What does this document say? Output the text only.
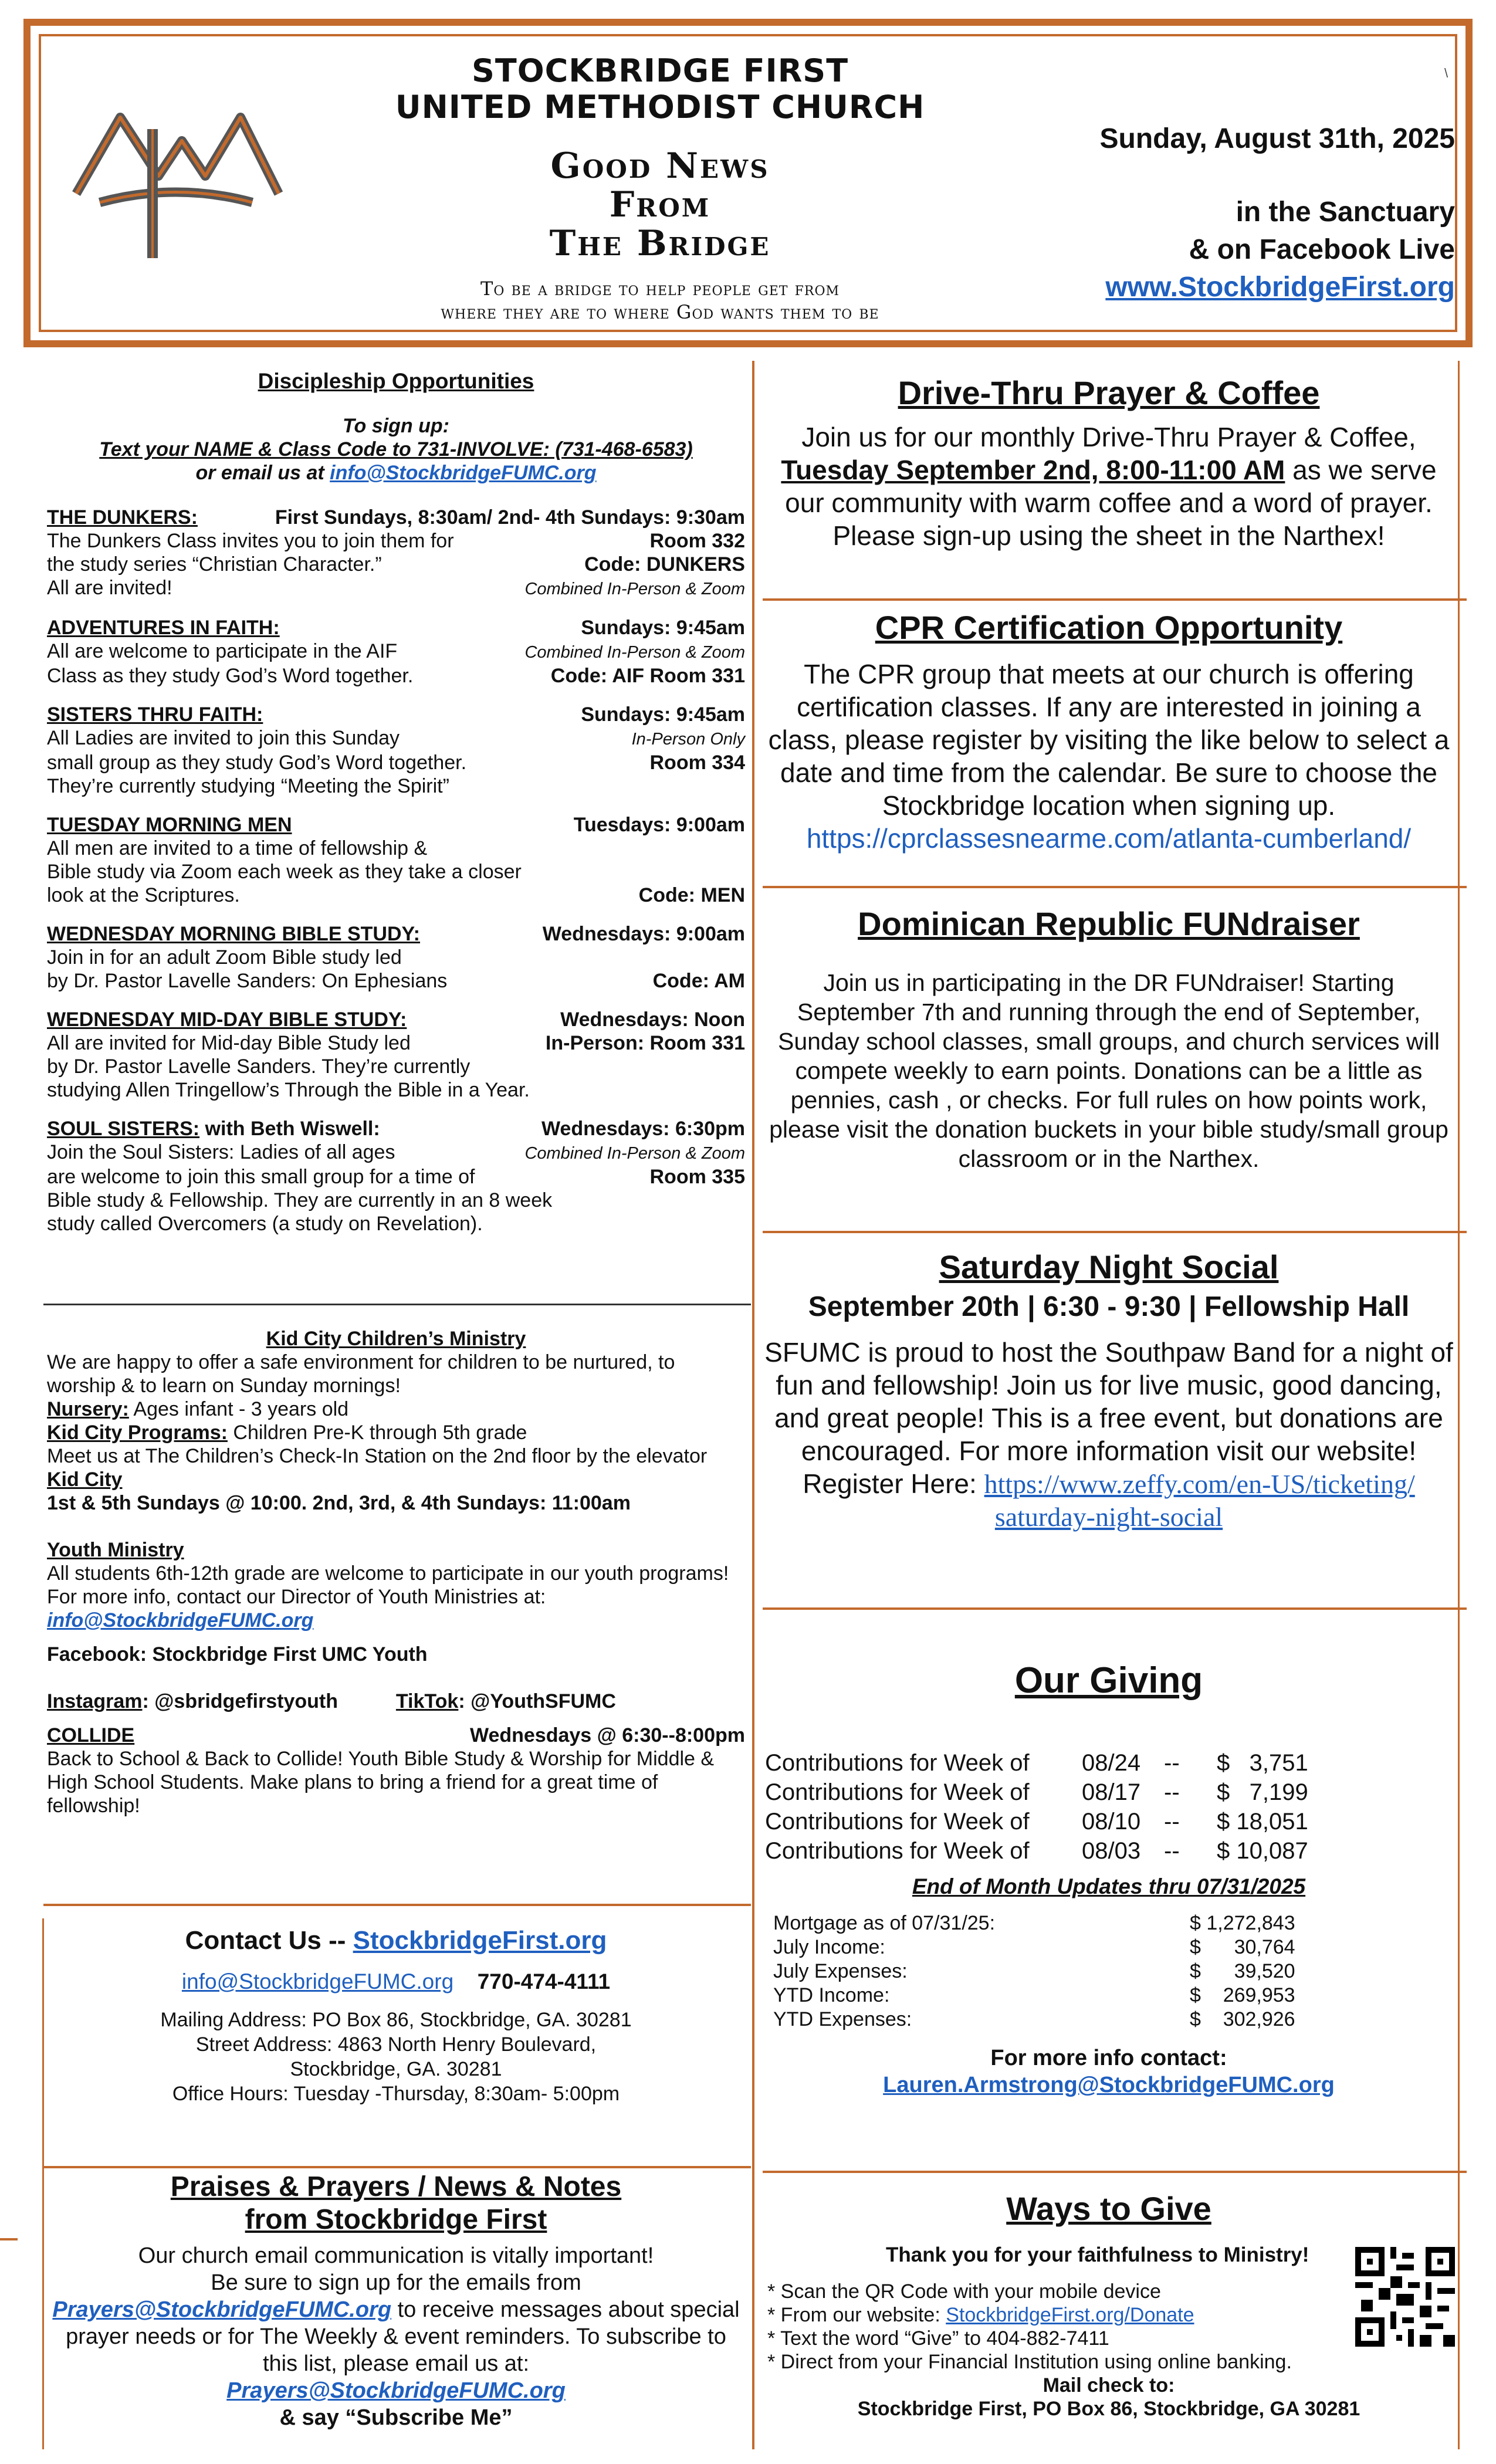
STOCKBRIDGE FIRST
UNITED METHODIST CHURCH
Good News
From
The Bridge
To be a bridge to help people get from
where they are to where God wants them to be
Sunday, August 31th, 2025
in the Sanctuary
& on Facebook Live
www.StockbridgeFirst.org
Discipleship Opportunities
To sign up:
Text your NAME & Class Code to 731-INVOLVE: (731-468-6583)
or email us at info@StockbridgeFUMC.org
THE DUNKERS:	First Sundays, 8:30am/ 2nd- 4th Sundays: 9:30am
The Dunkers Class invites you to join them for	Room 332
the study series “Christian Character.”	Code: DUNKERS
All are invited!	Combined In-Person & Zoom
ADVENTURES IN FAITH:	Sundays: 9:45am
All are welcome to participate in the AIF	Combined In-Person & Zoom
Class as they study God’s Word together.	Code: AIF Room 331
SISTERS THRU FAITH:	Sundays: 9:45am
All Ladies are invited to join this Sunday	In-Person Only
small group as they study God’s Word together.	Room 334
They’re currently studying “Meeting the Spirit”
TUESDAY MORNING MEN	Tuesdays: 9:00am
All men are invited to a time of fellowship &
Bible study via Zoom each week as they take a closer
look at the Scriptures.	Code: MEN
WEDNESDAY MORNING BIBLE STUDY:	Wednesdays: 9:00am
Join in for an adult Zoom Bible study led
by Dr. Pastor Lavelle Sanders: On Ephesians	Code: AM
WEDNESDAY MID-DAY BIBLE STUDY:	Wednesdays: Noon
All are invited for Mid-day Bible Study led	In-Person: Room 331
by Dr. Pastor Lavelle Sanders. They’re currently
studying Allen Tringellow’s Through the Bible in a Year.
SOUL SISTERS: with Beth Wiswell:	Wednesdays: 6:30pm
Join the Soul Sisters: Ladies of all ages	Combined In-Person & Zoom
are welcome to join this small group for a time of	Room 335
Bible study & Fellowship. They are currently in an 8 week
study called Overcomers (a study on Revelation).
Kid City Children’s Ministry
We are happy to offer a safe environment for children to be nurtured, to worship & to learn on Sunday mornings!
Nursery: Ages infant - 3 years old
Kid City Programs: Children Pre-K through 5th grade
Meet us at The Children’s Check-In Station on the 2nd floor by the elevator
Kid City
1st & 5th Sundays @ 10:00. 2nd, 3rd, & 4th Sundays: 11:00am
Youth Ministry
All students 6th-12th grade are welcome to participate in our youth programs!
For more info, contact our Director of Youth Ministries at:
info@StockbridgeFUMC.org
Facebook: Stockbridge First UMC Youth
Instagram: @sbridgefirstyouth	TikTok: @YouthSFUMC
COLLIDE	Wednesdays @ 6:30--8:00pm
Back to School & Back to Collide! Youth Bible Study & Worship for Middle & High School Students. Make plans to bring a friend for a great time of fellowship!
Contact Us -- StockbridgeFirst.org
info@StockbridgeFUMC.org 770-474-4111
Mailing Address: PO Box 86, Stockbridge, GA. 30281
Street Address: 4863 North Henry Boulevard,
Stockbridge, GA. 30281
Office Hours: Tuesday -Thursday, 8:30am- 5:00pm
Praises & Prayers / News & Notes
from Stockbridge First
Our church email communication is vitally important!
Be sure to sign up for the emails from
Prayers@StockbridgeFUMC.org to receive messages about special prayer needs or for The Weekly & event reminders. To subscribe to this list, please email us at:
Prayers@StockbridgeFUMC.org
& say “Subscribe Me”
Drive-Thru Prayer & Coffee
Join us for our monthly Drive-Thru Prayer & Coffee, Tuesday September 2nd, 8:00-11:00 AM as we serve our community with warm coffee and a word of prayer. Please sign-up using the sheet in the Narthex!
CPR Certification Opportunity
The CPR group that meets at our church is offering certification classes. If any are interested in joining a class, please register by visiting the like below to select a date and time from the calendar. Be sure to choose the Stockbridge location when signing up.
https://cprclassesnearme.com/atlanta-cumberland/
Dominican Republic FUNdraiser
Join us in participating in the DR FUNdraiser! Starting September 7th and running through the end of September, Sunday school classes, small groups, and church services will compete weekly to earn points. Donations can be a little as pennies, cash , or checks. For full rules on how points work, please visit the donation buckets in your bible study/small group classroom or in the Narthex.
Saturday Night Social
September 20th | 6:30 - 9:30 | Fellowship Hall
SFUMC is proud to host the Southpaw Band for a night of fun and fellowship! Join us for live music, good dancing, and great people! This is a free event, but donations are encouraged. For more information visit our website!
Register Here: https://www.zeffy.com/en-US/ticketing/
saturday-night-social
Our Giving
Contributions for Week of	08/24 --	$   3,751
Contributions for Week of	08/17 --	$   7,199
Contributions for Week of	08/10 --	$ 18,051
Contributions for Week of	08/03 --	$ 10,087
End of Month Updates thru 07/31/2025
Mortgage as of 07/31/25:	$ 1,272,843
July Income:	$      30,764
July Expenses:	$      39,520
YTD Income:	$    269,953
YTD Expenses:	$    302,926
For more info contact:
Lauren.Armstrong@StockbridgeFUMC.org
Ways to Give
Thank you for your faithfulness to Ministry!
* Scan the QR Code with your mobile device
* From our website: StockbridgeFirst.org/Donate
* Text the word “Give” to 404-882-7411
* Direct from your Financial Institution using online banking.
Mail check to:
Stockbridge First, PO Box 86, Stockbridge, GA 30281
\
